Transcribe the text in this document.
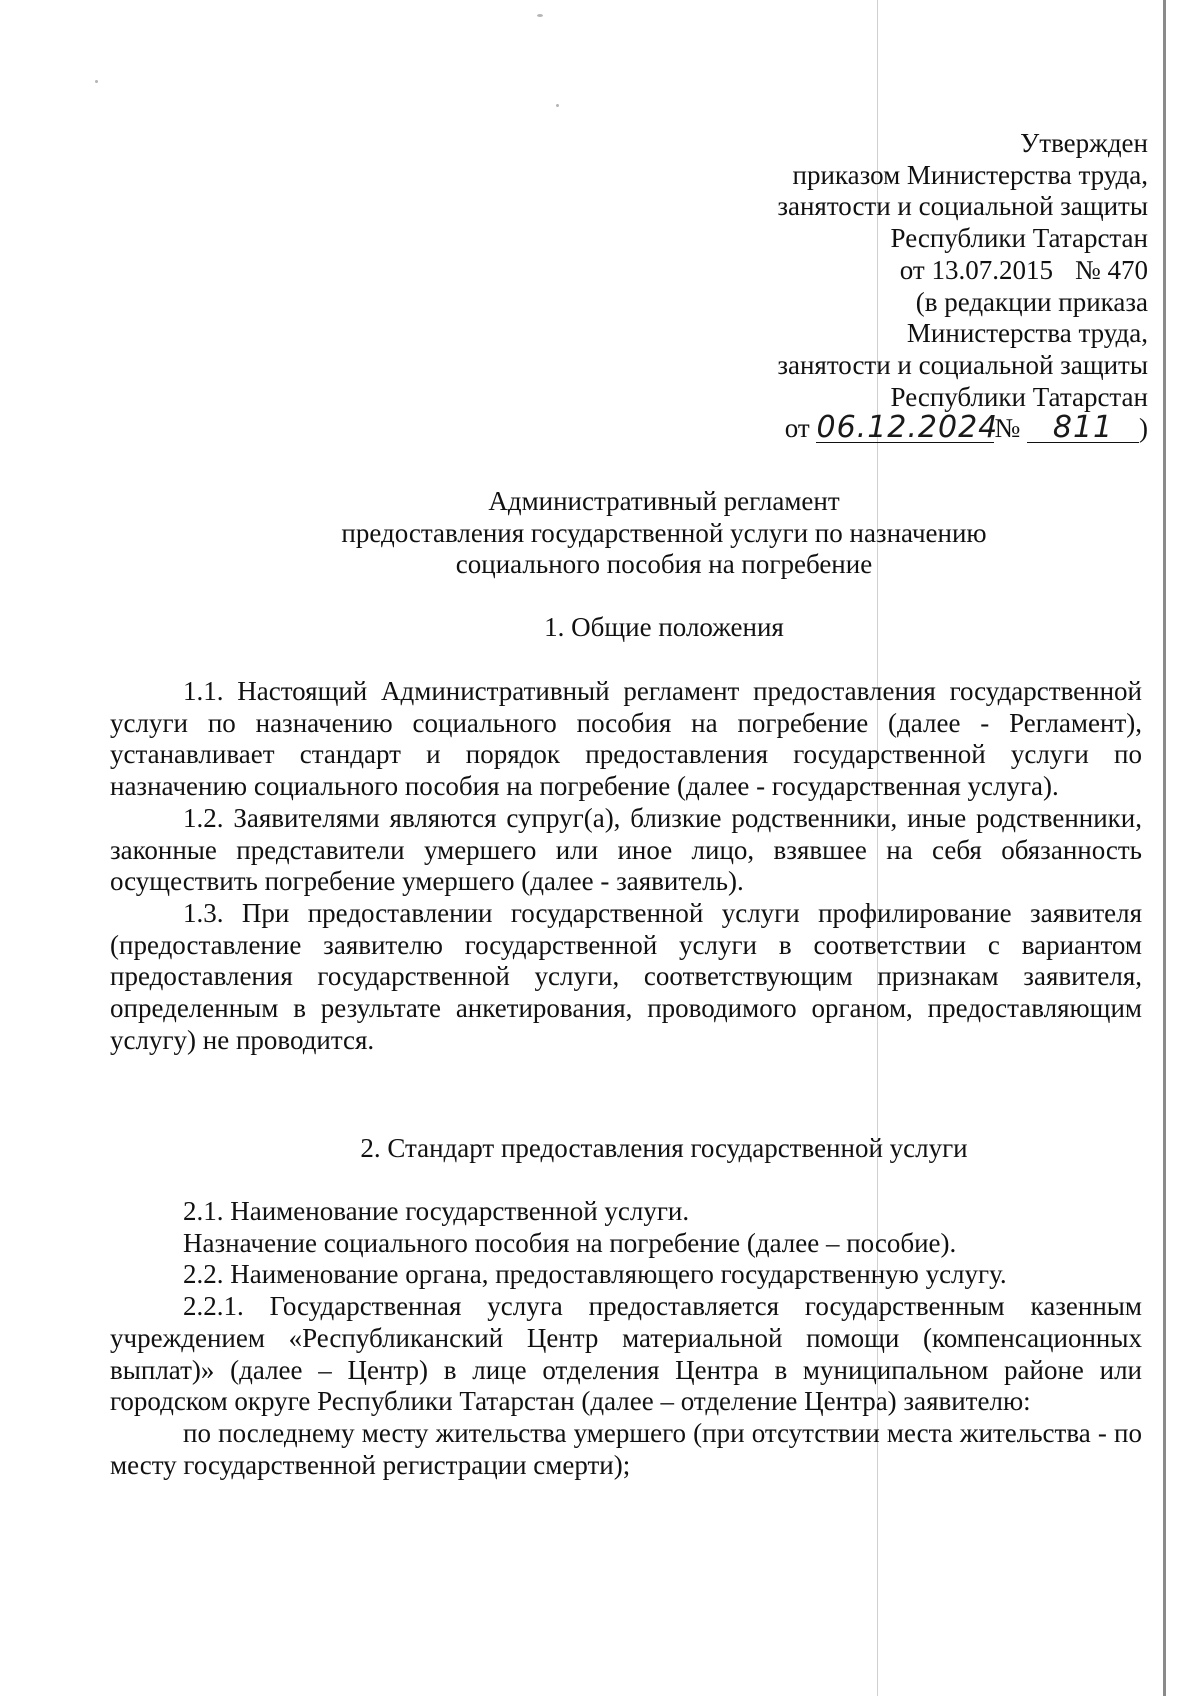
Утвержден
приказом Министерства труда,
занятости и социальной защиты
Республики Татарстан
от 13.07.2015 № 470
(в редакции приказа
Министерства труда,
занятости и социальной защиты
Республики Татарстан
от 06.12.2024№ 811 )
Административный регламент
предоставления государственной услуги по назначению
социального пособия на погребение
1. Общие положения

1.1. Настоящий Административный регламент предоставления государственной услуги по назначению социального пособия на погребение (далее - Регламент), устанавливает стандарт и порядок предоставления государственной услуги по назначению социального пособия на погребение (далее - государственная услуга).

1.2. Заявителями являются супруг(а), близкие родственники, иные родственники, законные представители умершего или иное лицо, взявшее на себя обязанность осуществить погребение умершего (далее - заявитель).

1.3. При предоставлении государственной услуги профилирование заявителя (предоставление заявителю государственной услуги в соответствии с вариантом предоставления государственной услуги, соответствующим признакам заявителя, определенным в результате анкетирования, проводимого органом, предоставляющим услугу) не проводится.

2. Стандарт предоставления государственной услуги

2.1. Наименование государственной услуги.

Назначение социального пособия на погребение (далее – пособие).

2.2. Наименование органа, предоставляющего государственную услугу.

2.2.1. Государственная услуга предоставляется государственным казенным учреждением «Республиканский Центр материальной помощи (компенсационных выплат)» (далее – Центр) в лице отделения Центра в муниципальном районе или городском округе Республики Татарстан (далее – отделение Центра) заявителю:

по последнему месту жительства умершего (при отсутствии места жительства - по месту государственной регистрации смерти);
